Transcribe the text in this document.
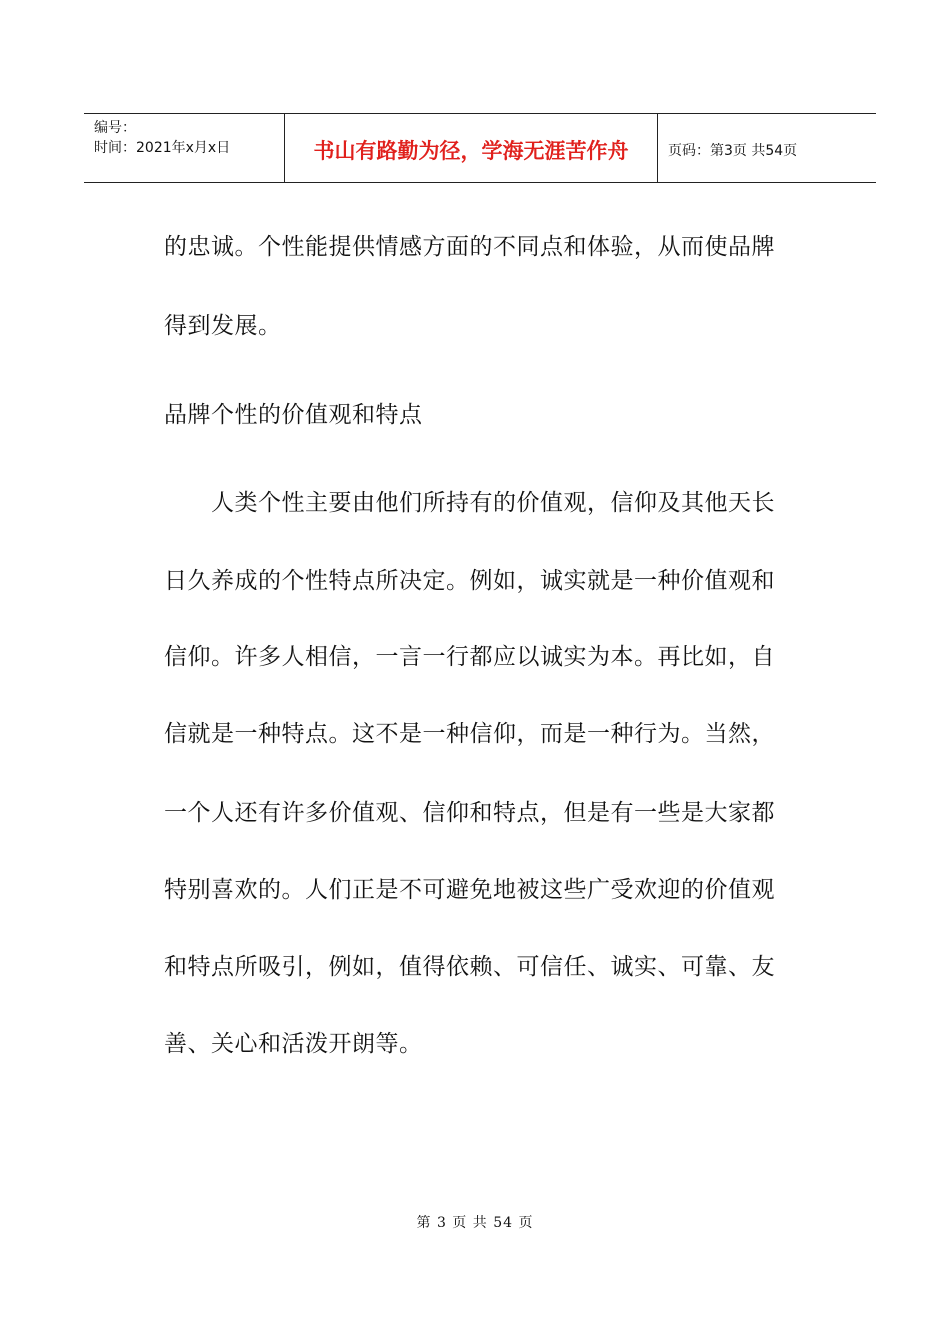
编号：
时间：2021年x月x日	书山有路勤为径，学海无涯苦作舟	页码：第3页 共54页
的忠诚。个性能提供情感方面的不同点和体验，从而使品牌
得到发展。
品牌个性的价值观和特点
　　人类个性主要由他们所持有的价值观，信仰及其他天长
日久养成的个性特点所决定。例如，诚实就是一种价值观和
信仰。许多人相信，一言一行都应以诚实为本。再比如，自
信就是一种特点。这不是一种信仰，而是一种行为。当然，
一个人还有许多价值观、信仰和特点，但是有一些是大家都
特别喜欢的。人们正是不可避免地被这些广受欢迎的价值观
和特点所吸引，例如，值得依赖、可信任、诚实、可靠、友
善、关心和活泼开朗等。
第 3 页 共 54 页
